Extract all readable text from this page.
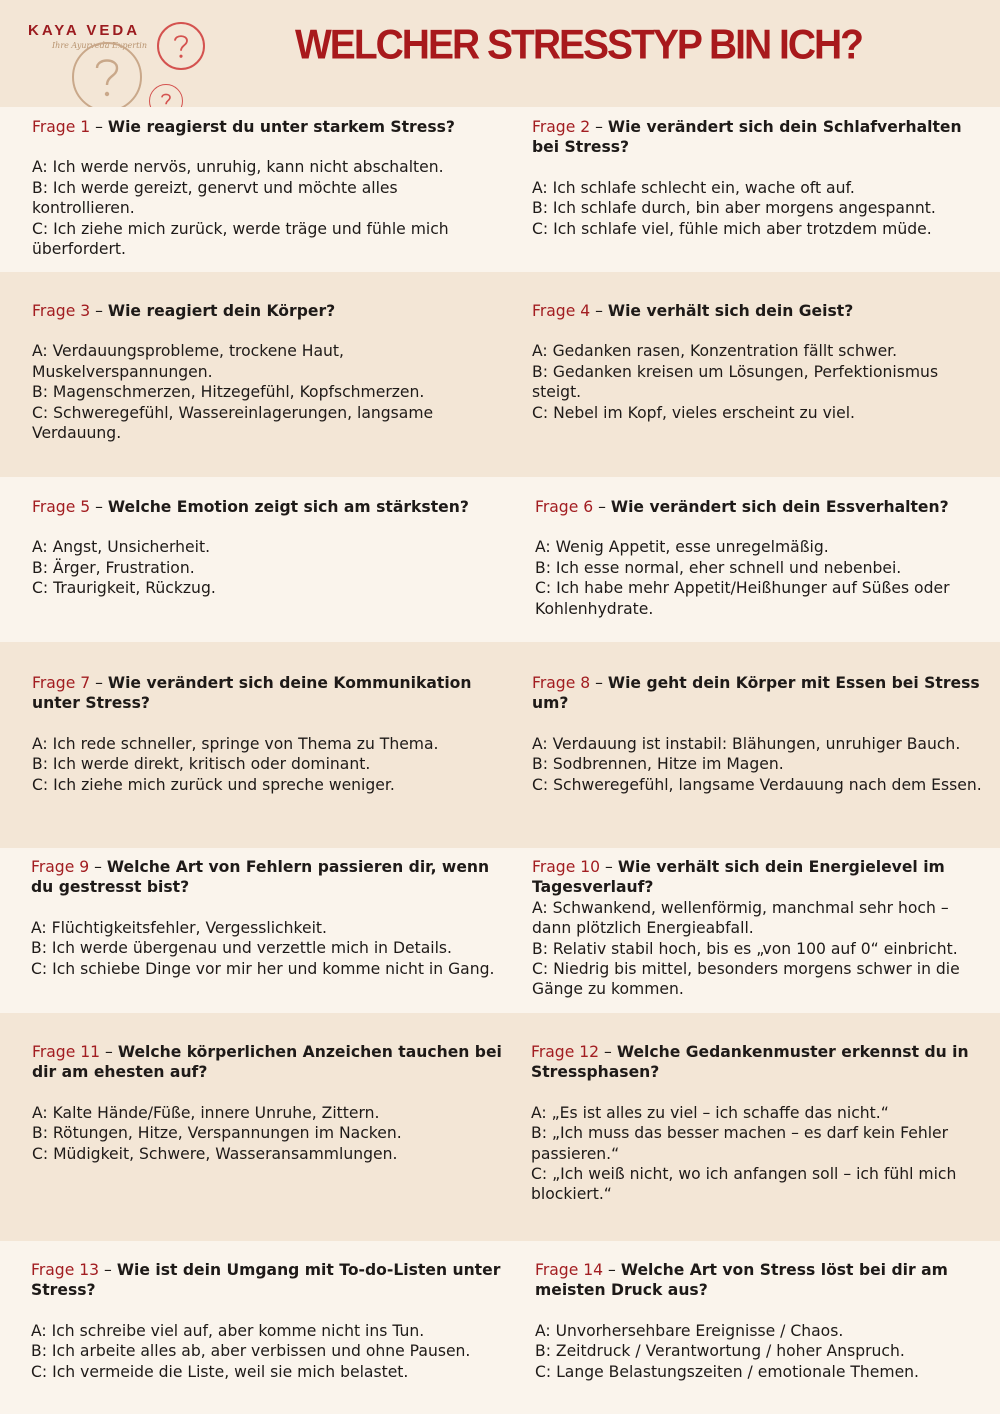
KAYA VEDA
Ihre Ayurveda Expertin	WELCHER STRESSTYP BIN ICH?
Frage 1 – Wie reagierst du unter starkem Stress?
A: Ich werde nervös, unruhig, kann nicht abschalten.
B: Ich werde gereizt, genervt und möchte alles kontrollieren.
C: Ich ziehe mich zurück, werde träge und fühle mich überfordert.
Frage 2 – Wie verändert sich dein Schlafverhalten bei Stress?
A: Ich schlafe schlecht ein, wache oft auf.
B: Ich schlafe durch, bin aber morgens angespannt.
C: Ich schlafe viel, fühle mich aber trotzdem müde.
Frage 3 – Wie reagiert dein Körper?
A: Verdauungsprobleme, trockene Haut, Muskelverspannungen.
B: Magenschmerzen, Hitzegefühl, Kopfschmerzen.
C: Schweregefühl, Wassereinlagerungen, langsame Verdauung.
Frage 4 – Wie verhält sich dein Geist?
A: Gedanken rasen, Konzentration fällt schwer.
B: Gedanken kreisen um Lösungen, Perfektionismus steigt.
C: Nebel im Kopf, vieles erscheint zu viel.
Frage 5 – Welche Emotion zeigt sich am stärksten?
A: Angst, Unsicherheit.
B: Ärger, Frustration.
C: Traurigkeit, Rückzug.
Frage 6 – Wie verändert sich dein Essverhalten?
A: Wenig Appetit, esse unregelmäßig.
B: Ich esse normal, eher schnell und nebenbei.
C: Ich habe mehr Appetit/Heißhunger auf Süßes oder Kohlenhydrate.
Frage 7 – Wie verändert sich deine Kommunikation unter Stress?
A: Ich rede schneller, springe von Thema zu Thema.
B: Ich werde direkt, kritisch oder dominant.
C: Ich ziehe mich zurück und spreche weniger.
Frage 8 – Wie geht dein Körper mit Essen bei Stress um?
A: Verdauung ist instabil: Blähungen, unruhiger Bauch.
B: Sodbrennen, Hitze im Magen.
C: Schweregefühl, langsame Verdauung nach dem Essen.
Frage 9 – Welche Art von Fehlern passieren dir, wenn du gestresst bist?
A: Flüchtigkeitsfehler, Vergesslichkeit.
B: Ich werde übergenau und verzettle mich in Details.
C: Ich schiebe Dinge vor mir her und komme nicht in Gang.
Frage 10 – Wie verhält sich dein Energielevel im Tagesverlauf?
A: Schwankend, wellenförmig, manchmal sehr hoch – dann plötzlich Energieabfall.
B: Relativ stabil hoch, bis es „von 100 auf 0“ einbricht.
C: Niedrig bis mittel, besonders morgens schwer in die Gänge zu kommen.
Frage 11 – Welche körperlichen Anzeichen tauchen bei dir am ehesten auf?
A: Kalte Hände/Füße, innere Unruhe, Zittern.
B: Rötungen, Hitze, Verspannungen im Nacken.
C: Müdigkeit, Schwere, Wasseransammlungen.
Frage 12 – Welche Gedankenmuster erkennst du in Stressphasen?
A: „Es ist alles zu viel – ich schaffe das nicht.“
B: „Ich muss das besser machen – es darf kein Fehler passieren.“
C: „Ich weiß nicht, wo ich anfangen soll – ich fühl mich blockiert.“
Frage 13 – Wie ist dein Umgang mit To-do-Listen unter Stress?
A: Ich schreibe viel auf, aber komme nicht ins Tun.
B: Ich arbeite alles ab, aber verbissen und ohne Pausen.
C: Ich vermeide die Liste, weil sie mich belastet.
Frage 14 – Welche Art von Stress löst bei dir am meisten Druck aus?
A: Unvorhersehbare Ereignisse / Chaos.
B: Zeitdruck / Verantwortung / hoher Anspruch.
C: Lange Belastungszeiten / emotionale Themen.
